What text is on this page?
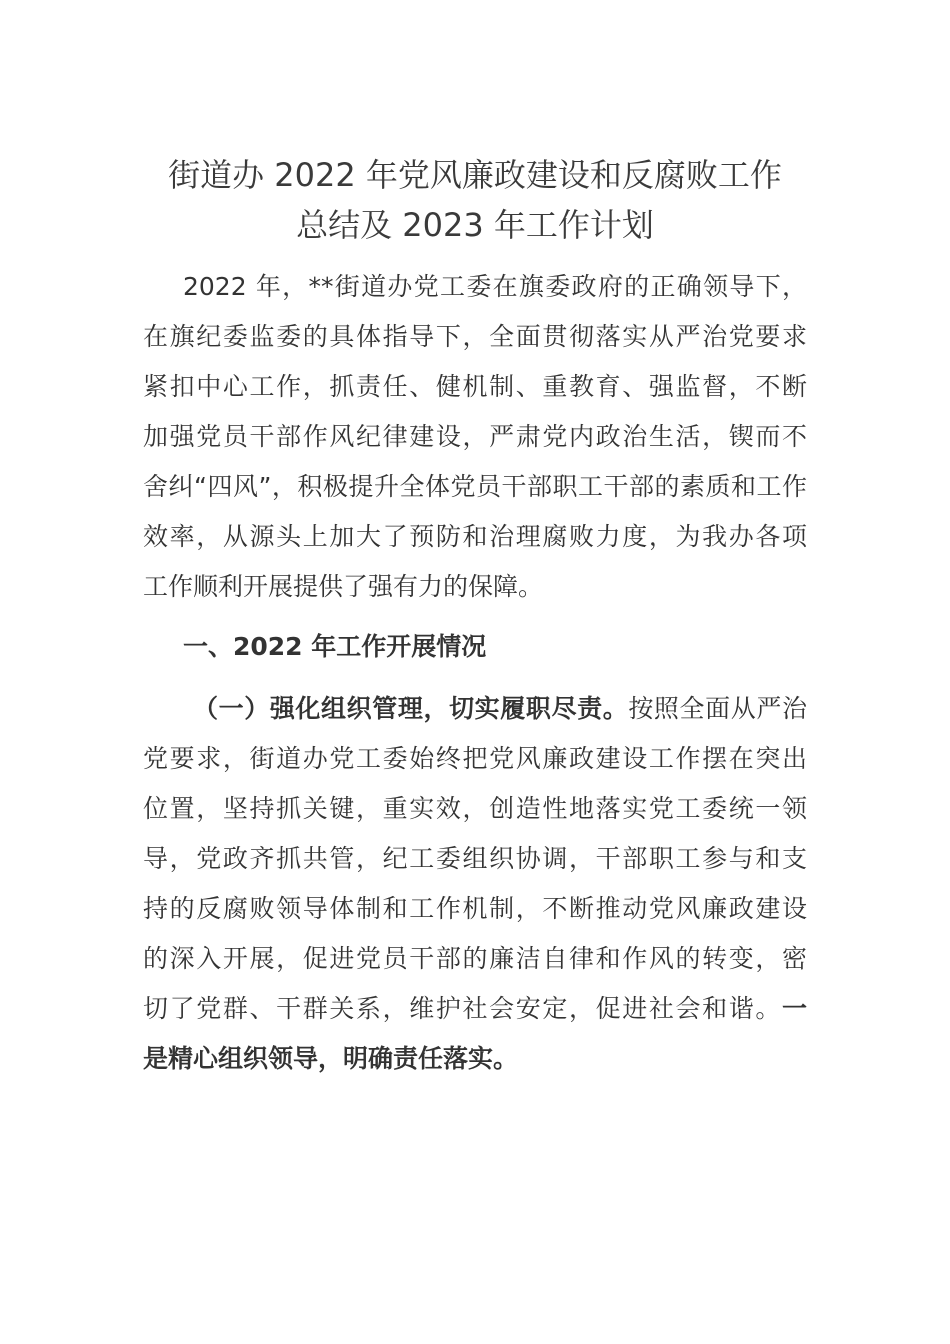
街道办 2022 年党风廉政建设和反腐败工作
总结及 2023 年工作计划
2022 年，**街道办党工委在旗委政府的正确领导下，
在旗纪委监委的具体指导下，全面贯彻落实从严治党要求
紧扣中心工作，抓责任、健机制、重教育、强监督，不断
加强党员干部作风纪律建设，严肃党内政治生活，锲而不
舍纠“四风”，积极提升全体党员干部职工干部的素质和工作
效率，从源头上加大了预防和治理腐败力度，为我办各项
工作顺利开展提供了强有力的保障。
一、2022 年工作开展情况
（一）强化组织管理，切实履职尽责。按照全面从严治
党要求，街道办党工委始终把党风廉政建设工作摆在突出
位置，坚持抓关键，重实效，创造性地落实党工委统一领
导，党政齐抓共管，纪工委组织协调，干部职工参与和支
持的反腐败领导体制和工作机制，不断推动党风廉政建设
的深入开展，促进党员干部的廉洁自律和作风的转变，密
切了党群、干群关系，维护社会安定，促进社会和谐。一
是精心组织领导，明确责任落实。
